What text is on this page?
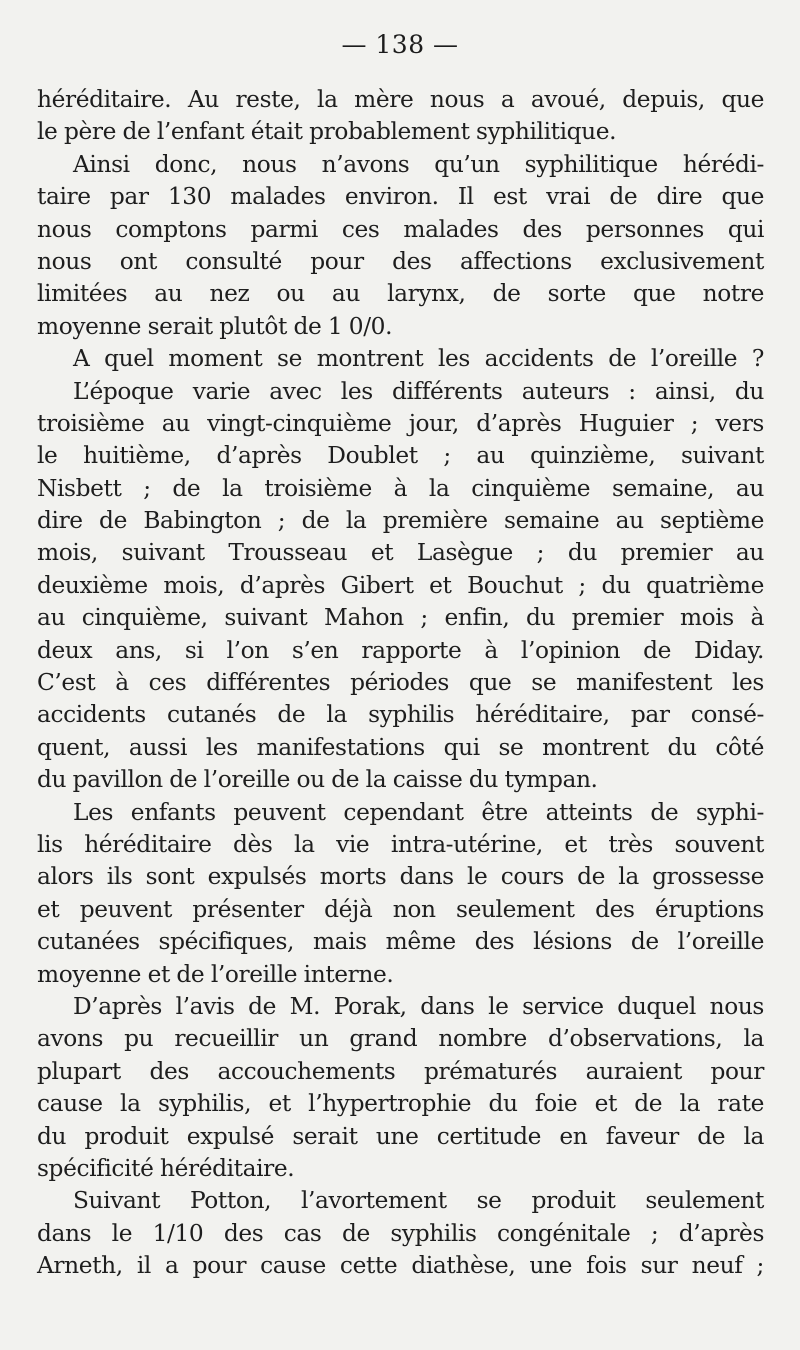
— 138 —
héréditaire. Au reste, la mère nous a avoué, depuis, que
le père de l’enfant était probablement syphilitique.
Ainsi donc, nous n’avons qu’un syphilitique hérédi-
taire par 130 malades environ. Il est vrai de dire que
nous comptons parmi ces malades des personnes qui
nous ont consulté pour des affections exclusivement
limitées au nez ou au larynx, de sorte que notre
moyenne serait plutôt de 1 0/0.
A quel moment se montrent les accidents de l’oreille ?
L’époque varie avec les différents auteurs : ainsi, du
troisième au vingt-cinquième jour, d’après Huguier ; vers
le huitième, d’après Doublet ; au quinzième, suivant
Nisbett ; de la troisième à la cinquième semaine, au
dire de Babington ; de la première semaine au septième
mois, suivant Trousseau et Lasègue ; du premier au
deuxième mois, d’après Gibert et Bouchut ; du quatrième
au cinquième, suivant Mahon ; enfin, du premier mois à
deux ans, si l’on s’en rapporte à l’opinion de Diday.
C’est à ces différentes périodes que se manifestent les
accidents cutanés de la syphilis héréditaire, par consé-
quent, aussi les manifestations qui se montrent du côté
du pavillon de l’oreille ou de la caisse du tympan.
Les enfants peuvent cependant être atteints de syphi-
lis héréditaire dès la vie intra-utérine, et très souvent
alors ils sont expulsés morts dans le cours de la grossesse
et peuvent présenter déjà non seulement des éruptions
cutanées spécifiques, mais même des lésions de l’oreille
moyenne et de l’oreille interne.
D’après l’avis de M. Porak, dans le service duquel nous
avons pu recueillir un grand nombre d’observations, la
plupart des accouchements prématurés auraient pour
cause la syphilis, et l’hypertrophie du foie et de la rate
du produit expulsé serait une certitude en faveur de la
spécificité héréditaire.
Suivant Potton, l’avortement se produit seulement
dans le 1/10 des cas de syphilis congénitale ; d’après
Arneth, il a pour cause cette diathèse, une fois sur neuf ;
